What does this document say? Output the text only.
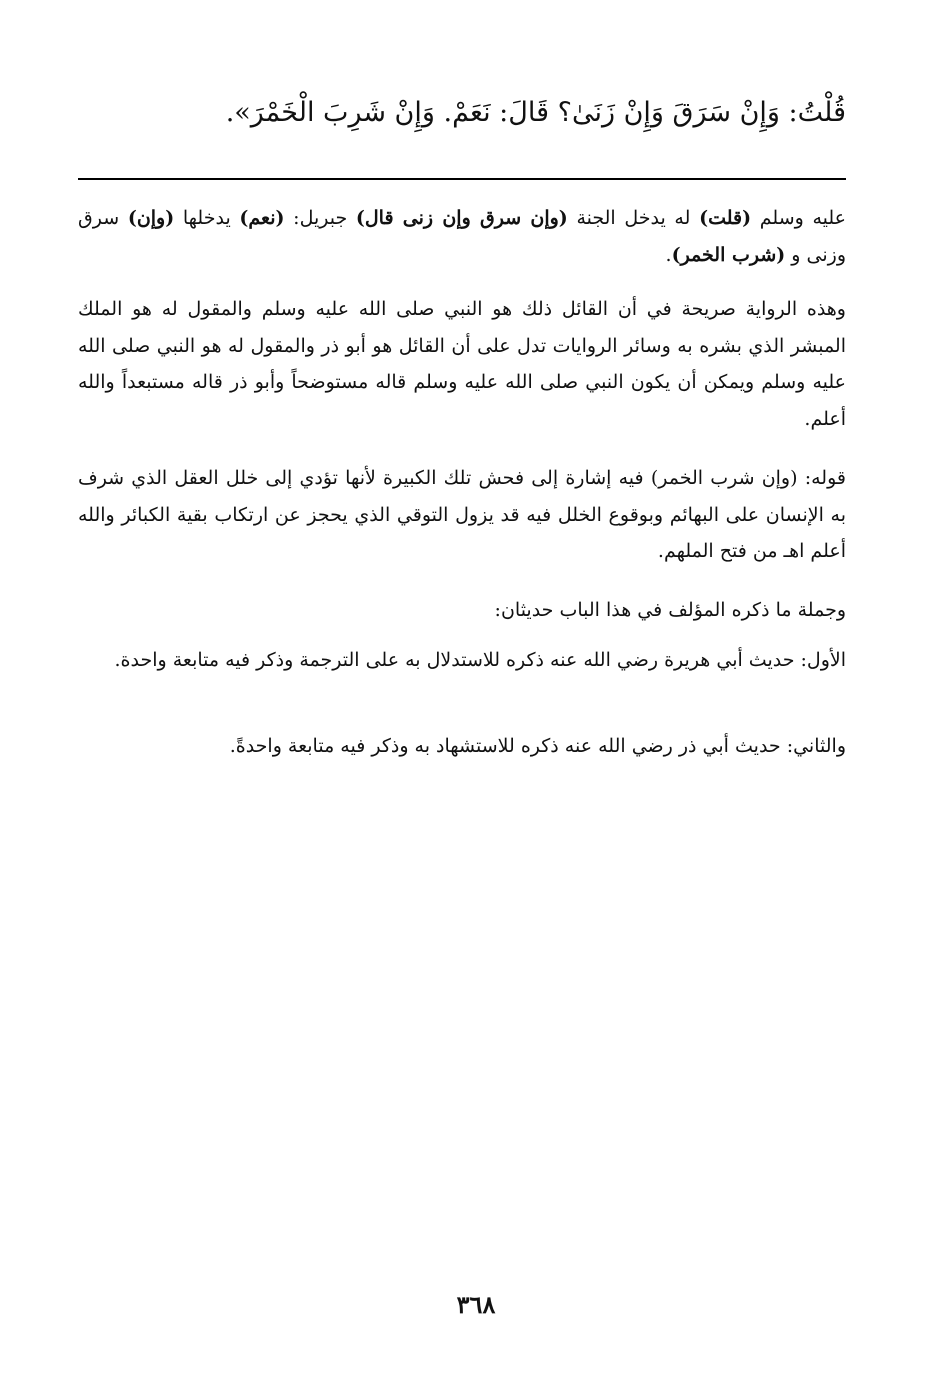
قُلْتُ: وَإِنْ سَرَقَ وَإِنْ زَنَىٰ؟ قَالَ: نَعَمْ. وَإِنْ شَرِبَ الْخَمْرَ».

عليه وسلم (قلت) له يدخل الجنة (وإن سرق وإن زنى قال) جبريل: (نعم) يدخلها (وإن) سرق وزنى و (شرب الخمر).

وهذه الرواية صريحة في أن القائل ذلك هو النبي صلى الله عليه وسلم والمقول له هو الملك المبشر الذي بشره به وسائر الروايات تدل على أن القائل هو أبو ذر والمقول له هو النبي صلى الله عليه وسلم ويمكن أن يكون النبي صلى الله عليه وسلم قاله مستوضحاً وأبو ذر قاله مستبعداً والله أعلم.

قوله: (وإن شرب الخمر) فيه إشارة إلى فحش تلك الكبيرة لأنها تؤدي إلى خلل العقل الذي شرف به الإنسان على البهائم وبوقوع الخلل فيه قد يزول التوقي الذي يحجز عن ارتكاب بقية الكبائر والله أعلم اهـ من فتح الملهم.

وجملة ما ذكره المؤلف في هذا الباب حديثان:

الأول: حديث أبي هريرة رضي الله عنه ذكره للاستدلال به على الترجمة وذكر فيه متابعة واحدة.

والثاني: حديث أبي ذر رضي الله عنه ذكره للاستشهاد به وذكر فيه متابعة واحدةً.

٣٦٨
